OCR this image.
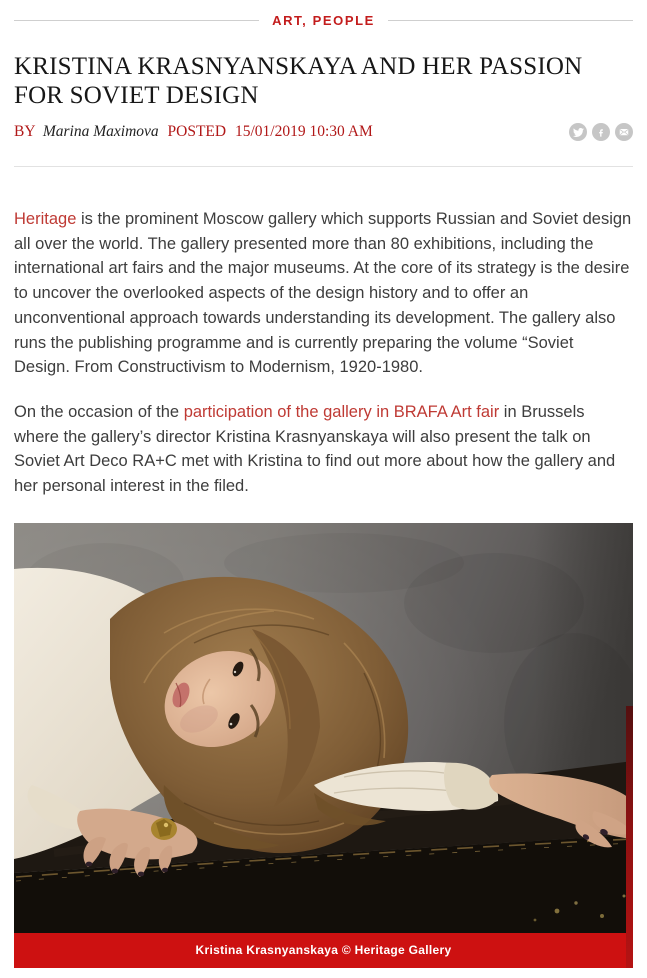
ART, PEOPLE
KRISTINA KRASNYANSKAYA AND HER PASSION FOR SOVIET DESIGN
BY Marina Maximova POSTED 15/01/2019 10:30 AM

Heritage is the prominent Moscow gallery which supports Russian and Soviet design all over the world. The gallery presented more than 80 exhibitions, including the international art fairs and the major museums. At the core of its strategy is the desire to uncover the overlooked aspects of the design history and to offer an unconventional approach towards understanding its development. The gallery also runs the publishing programme and is currently preparing the volume “Soviet Design. From Constructivism to Modernism, 1920-1980.

On the occasion of the participation of the gallery in BRAFA Art fair in Brussels where the gallery’s director Kristina Krasnyanskaya will also present the talk on Soviet Art Deco RA+C met with Kristina to find out more about how the gallery and her personal interest in the filed.

Kristina Krasnyanskaya © Heritage Gallery
